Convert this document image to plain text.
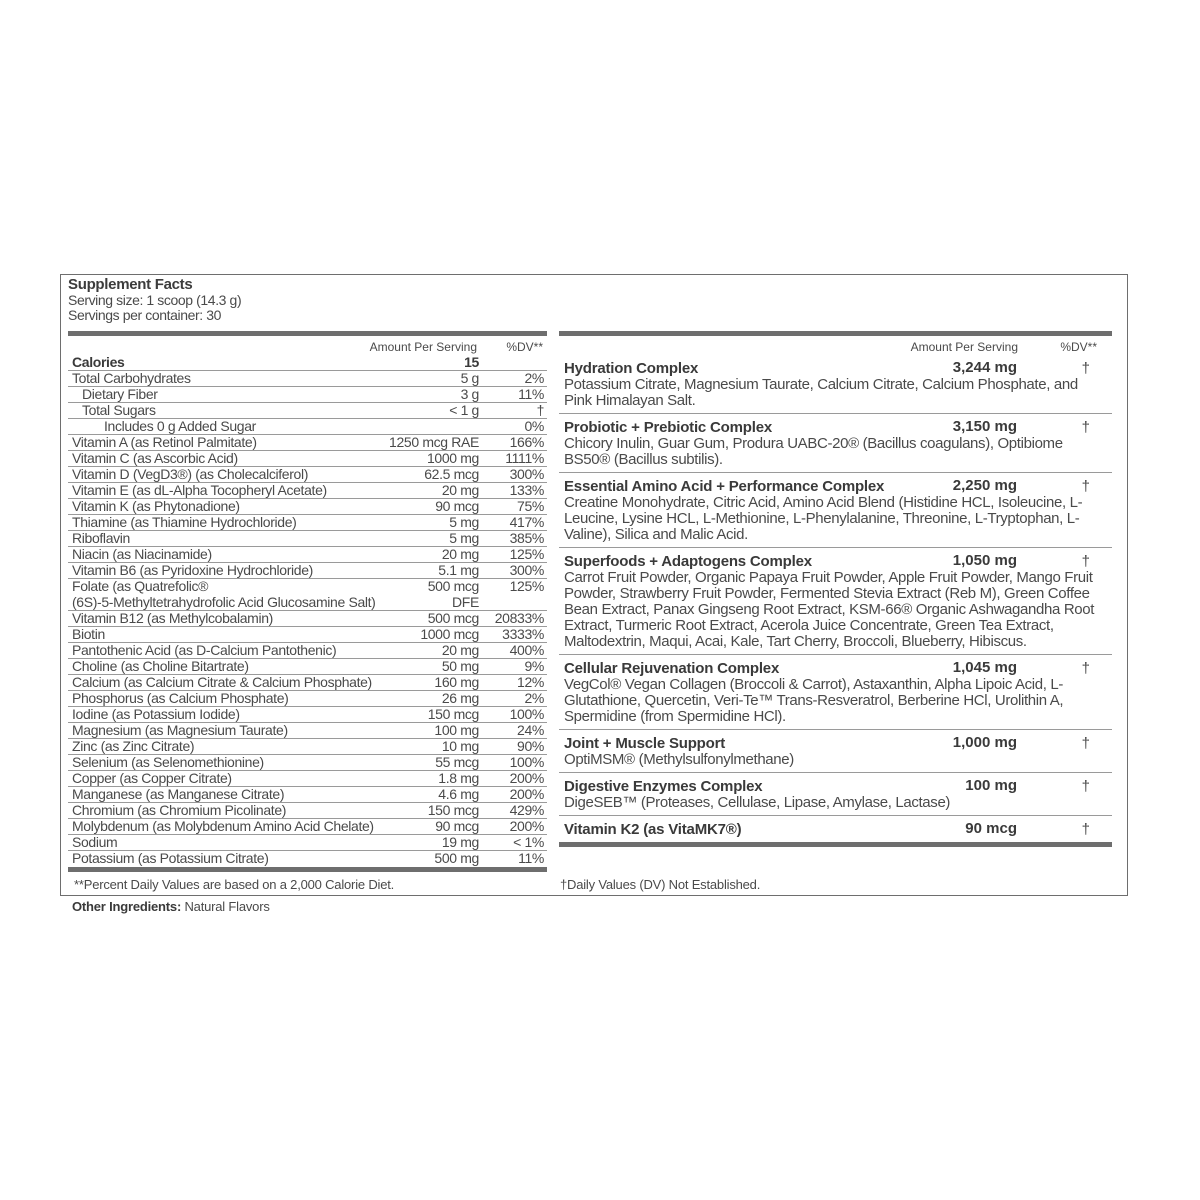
Supplement Facts
Serving size: 1 scoop (14.3 g)
Servings per container: 30
Amount Per Serving %DV**
Calories	15
Total Carbohydrates	5 g	2%
Dietary Fiber	3 g	11%
Total Sugars	< 1 g	†
Includes 0 g Added Sugar	0%
Vitamin A (as Retinol Palmitate)	1250 mcg RAE 166%
Vitamin C (as Ascorbic Acid)	1000 mg 1111%
Vitamin D (VegD3®) (as Cholecalciferol)	62.5 mcg 300%
Vitamin E (as dL-Alpha Tocopheryl Acetate)	20 mg 133%
Vitamin K (as Phytonadione)	90 mcg	75%
Thiamine (as Thiamine Hydrochloride)	5 mg 417%
Riboflavin	5 mg 385%
Niacin (as Niacinamide)	20 mg 125%
Vitamin B6 (as Pyridoxine Hydrochloride)	5.1 mg 300%
Folate (as Quatrefolic®	500 mcg 125%
(6S)-5-Methyltetrahydrofolic Acid Glucosamine Salt)	DFE
Vitamin B12 (as Methylcobalamin)	500 mcg 20833%
Biotin	1000 mcg 3333%
Pantothenic Acid (as D-Calcium Pantothenic)	20 mg 400%
Choline (as Choline Bitartrate)	50 mg	9%
Calcium (as Calcium Citrate & Calcium Phosphate)	160 mg	12%
Phosphorus (as Calcium Phosphate)	26 mg	2%
Iodine (as Potassium Iodide)	150 mcg 100%
Magnesium (as Magnesium Taurate)	100 mg	24%
Zinc (as Zinc Citrate)	10 mg	90%
Selenium (as Selenomethionine)	55 mcg 100%
Copper (as Copper Citrate)	1.8 mg 200%
Manganese (as Manganese Citrate)	4.6 mg 200%
Chromium (as Chromium Picolinate)	150 mcg 429%
Molybdenum (as Molybdenum Amino Acid Chelate)	90 mcg 200%
Sodium	19 mg < 1%
Potassium (as Potassium Citrate)	500 mg	11%
**Percent Daily Values are based on a 2,000 Calorie Diet.
Other Ingredients: Natural Flavors
Amount Per Serving	%DV**
Hydration Complex	3,244 mg	†
Potassium Citrate, Magnesium Taurate, Calcium Citrate, Calcium Phosphate, and Pink Himalayan Salt.
Probiotic + Prebiotic Complex	3,150 mg	†
Chicory Inulin, Guar Gum, Produra UABC-20® (Bacillus coagulans), Optibiome BS50® (Bacillus subtilis).
Essential Amino Acid + Performance Complex	2,250 mg	†
Creatine Monohydrate, Citric Acid, Amino Acid Blend (Histidine HCL, Isoleucine, L-Leucine, Lysine HCL, L-Methionine, L-Phenylalanine, Threonine, L-Tryptophan, L-Valine), Silica and Malic Acid.
Superfoods + Adaptogens Complex	1,050 mg	†
Carrot Fruit Powder, Organic Papaya Fruit Powder, Apple Fruit Powder, Mango Fruit Powder, Strawberry Fruit Powder, Fermented Stevia Extract (Reb M), Green Coffee Bean Extract, Panax Gingseng Root Extract, KSM-66® Organic Ashwagandha Root Extract, Turmeric Root Extract, Acerola Juice Concentrate, Green Tea Extract, Maltodextrin, Maqui, Acai, Kale, Tart Cherry, Broccoli, Blueberry, Hibiscus.
Cellular Rejuvenation Complex	1,045 mg	†
VegCol® Vegan Collagen (Broccoli & Carrot), Astaxanthin, Alpha Lipoic Acid, L-Glutathione, Quercetin, Veri-Te™ Trans-Resveratrol, Berberine HCl, Urolithin A, Spermidine (from Spermidine HCl).
Joint + Muscle Support	1,000 mg	†
OptiMSM® (Methylsulfonylmethane)
Digestive Enzymes Complex	100 mg	†
DigeSEB™ (Proteases, Cellulase, Lipase, Amylase, Lactase)
Vitamin K2 (as VitaMK7®)	90 mcg	†
†Daily Values (DV) Not Established.
